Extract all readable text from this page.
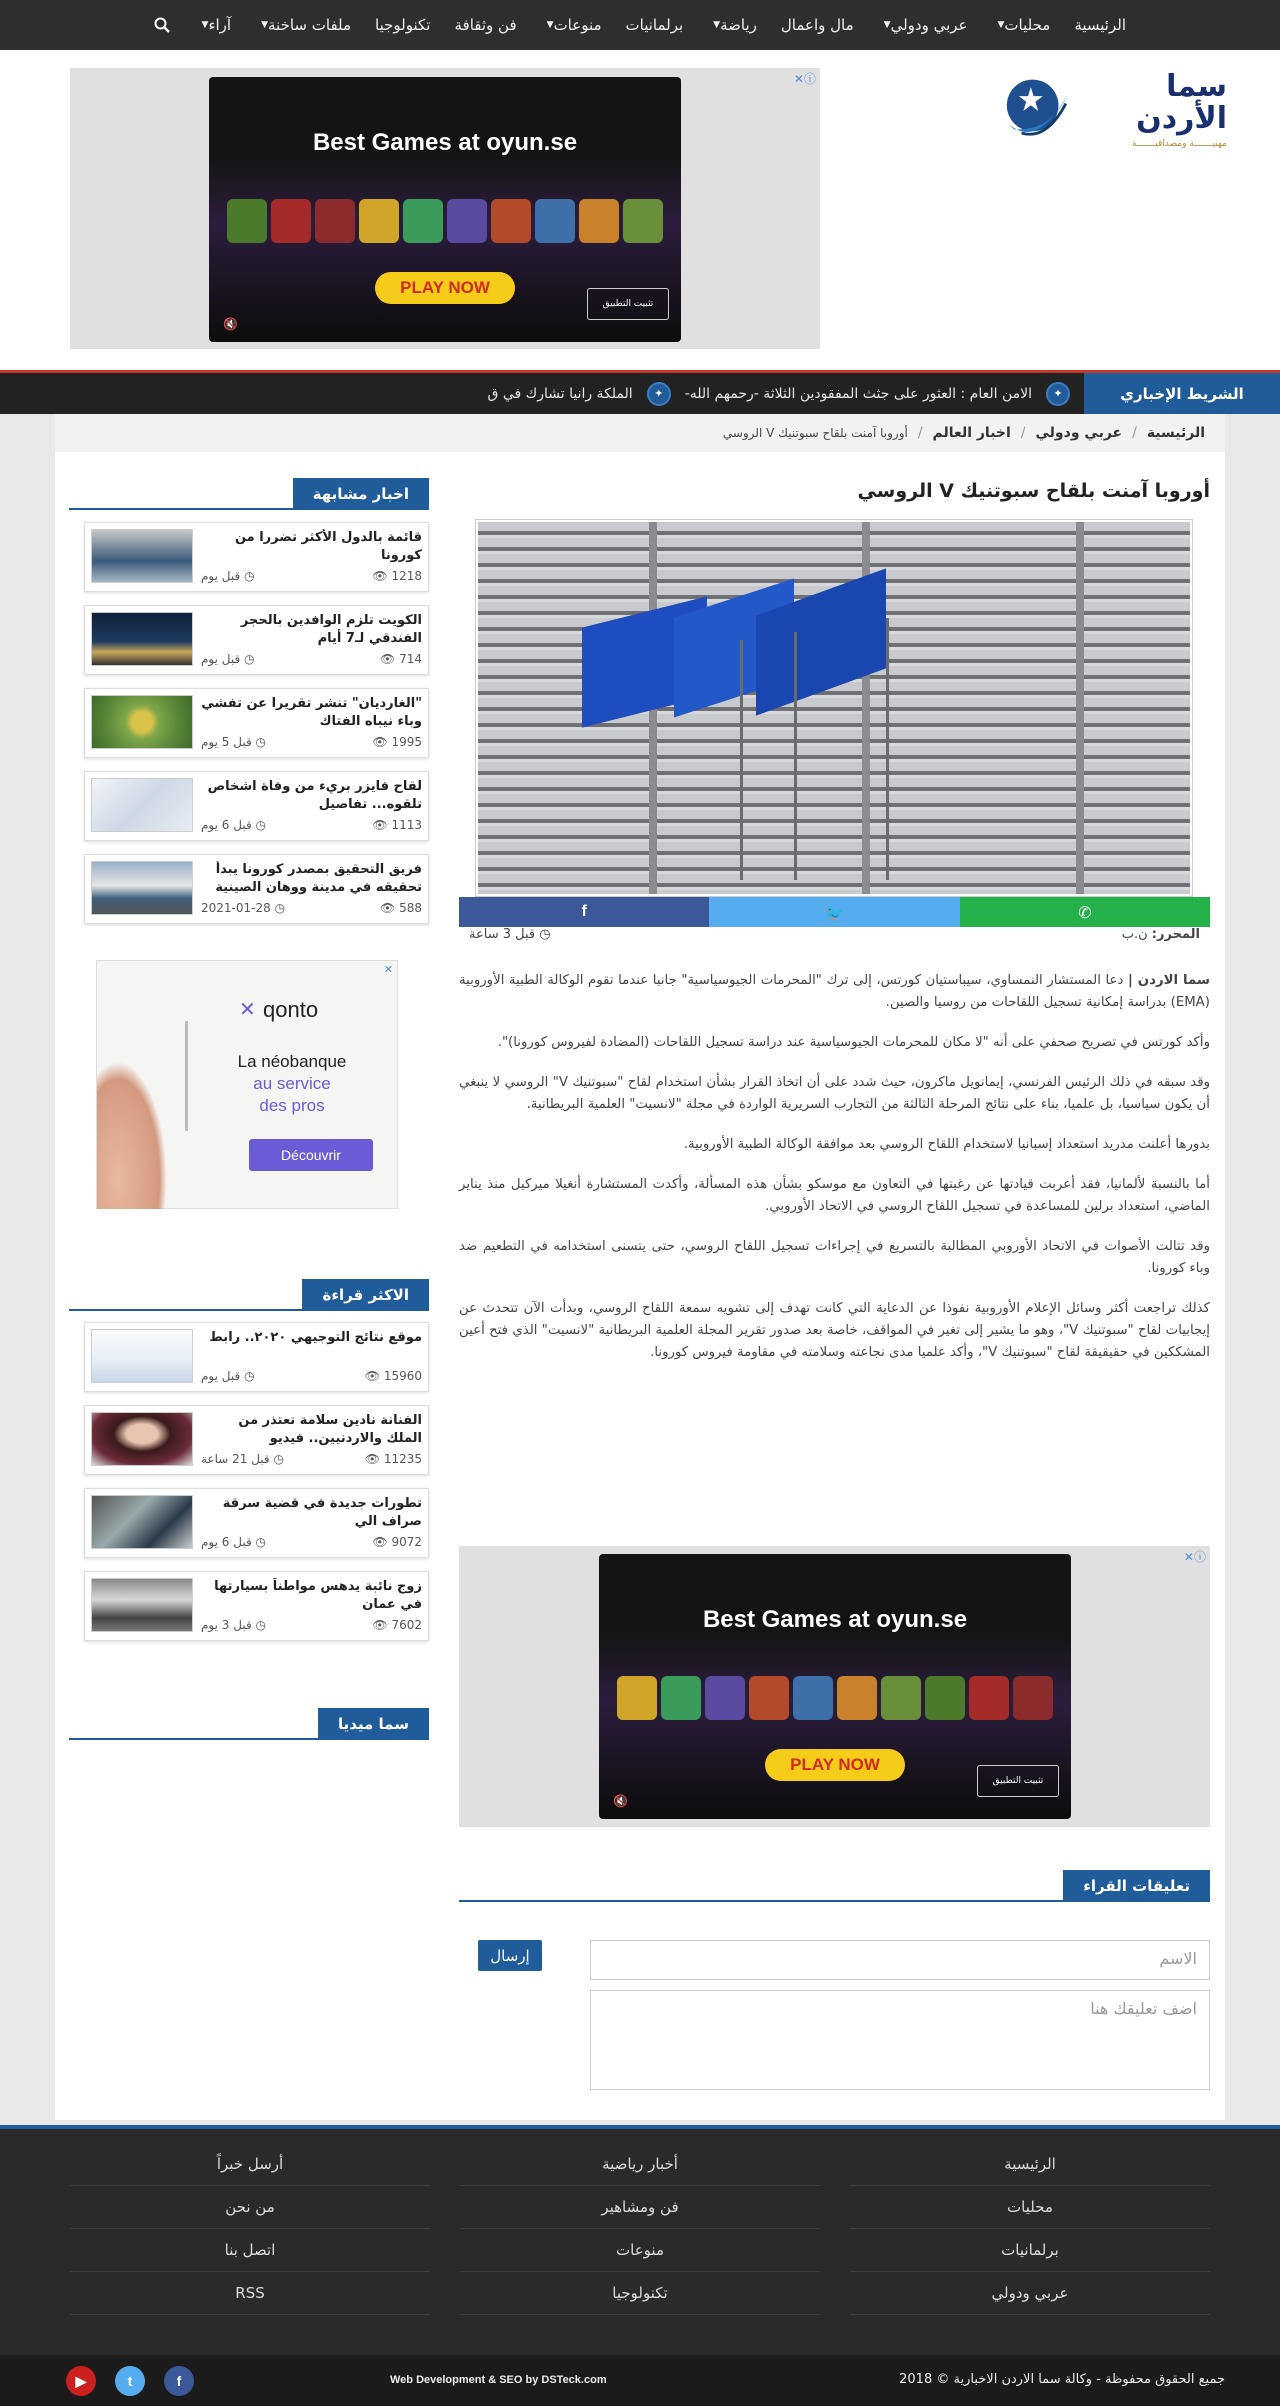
الرئيسية
محليات
▼
عربي ودولي
▼
مال واعمال
رياضة
▼
برلمانيات
منوعات
▼
فن وثقافة
تكنولوجيا
ملفات ساخنة
▼
آراء
▼
سما الأردن
مهنيـــــــة ومصداقيـــــــة
ⓘ✕
Best Games at oyun.se
PLAY NOW
تثبيت التطبيق
🔇
الشريط الإخباري
✦
الامن العام : العثور على جثث المفقودين الثلاثة -رحمهم الله-
✦
الملكة رانيا تشارك في ق
الرئيسية
/
عربي ودولي
/
اخبار العالم
/
أوروبا آمنت بلقاح سبوتنيك V الروسي
أوروبا آمنت بلقاح سبوتنيك V الروسي
✆
🐦
f
المحرر: ن.ب
◷ قبل 3 ساعة

سما الاردن | دعا المستشار النمساوي، سيباستيان كورتس، إلى ترك "المحرمات الجيوسياسية" جانبا عندما تقوم الوكالة الطبية الأوروبية (EMA) بدراسة إمكانية تسجيل اللقاحات من روسيا والصين.

وأكد كورتس في تصريح صحفي على أنه "لا مكان للمحرمات الجيوسياسية عند دراسة تسجيل اللقاحات (المضادة لفيروس كورونا)".

وقد سبقه في ذلك الرئيس الفرنسي، إيمانويل ماكرون، حيث شدد على أن اتخاذ القرار بشأن استخدام لقاح "سبوتنيك V" الروسي لا ينبغي أن يكون سياسيا، بل علميا، بناء على نتائج المرحلة الثالثة من التجارب السريرية الواردة في مجلة "لانسيت" العلمية البريطانية.

بدورها أعلنت مدريد استعداد إسبانيا لاستخدام اللقاح الروسي بعد موافقة الوكالة الطبية الأوروبية.

أما بالنسبة لألمانيا، فقد أعربت قيادتها عن رغبتها في التعاون مع موسكو بشأن هذه المسألة، وأكدت المستشارة أنغيلا ميركيل منذ يناير الماضي، استعداد برلين للمساعدة في تسجيل اللقاح الروسي في الاتحاد الأوروبي.

وقد تتالت الأصوات في الاتحاد الأوروبي المطالبة بالتسريع في إجراءات تسجيل اللقاح الروسي، حتى يتسنى استخدامه في التطعيم ضد وباء كورونا.

كذلك تراجعت أكثر وسائل الإعلام الأوروبية نفوذا عن الدعاية التي كانت تهدف إلى تشويه سمعة اللقاح الروسي، وبدأت الآن تتحدث عن إيجابيات لقاح "سبوتنيك V"، وهو ما يشير إلى تغير في المواقف، خاصة بعد صدور تقرير المجلة العلمية البريطانية "لانسيت" الذي فتح أعين المشككين في حقيقيقة لقاح "سبوتنيك V"، وأكد علميا مدى نجاعته وسلامته في مقاومة فيروس كورونا.

ⓘ✕
Best Games at oyun.se
PLAY NOW
تثبيت التطبيق
🔇
تعليقات القراء
الاسم
إرسال
اضف تعليقك هنا
اخبار مشابهة
قائمة بالدول الأكثر تضررا من كورونا
1218 👁
◷ قبل يوم
الكويت تلزم الوافدين بالحجر الفندقي لـ7 أيام
714 👁
◷ قبل يوم
"الغارديان" تنشر تقريرا عن تفشي وباء نيباه الفتاك
1995 👁
◷ قبل 5 يوم
لقاح فايزر بريء من وفاة اشخاص تلقوه... تفاصيل
1113 👁
◷ قبل 6 يوم
فريق التحقيق بمصدر كورونا يبدأ تحقيقه في مدينة ووهان الصينية
588 👁
◷ 2021-01-28
✕
qonto
✕
La néobanque
au service
des pros
Découvrir
الاكثر قراءة
موقع نتائج التوجيهي ٢٠٢٠.. رابط
15960 👁
◷ قبل يوم
الفنانة نادين سلامة تعتذر من الملك والاردنيين.. فيديو
11235 👁
◷ قبل 21 ساعة
تطورات جديدة في قضية سرقة صراف الي
9072 👁
◷ قبل 6 يوم
زوج نائبة يدهس مواطناً بسيارتها في عمان
7602 👁
◷ قبل 3 يوم
سما ميديا
الرئيسية
محليات
برلمانيات
عربي ودولي
أخبار رياضية
فن ومشاهير
منوعات
تكنولوجيا
أرسل خبراً
من نحن
اتصل بنا
RSS
جميع الحقوق محفوظة - وكالة سما الاردن الاخبارية © 2018
Web Development & SEO by DSTeck.com
▶	t	f
